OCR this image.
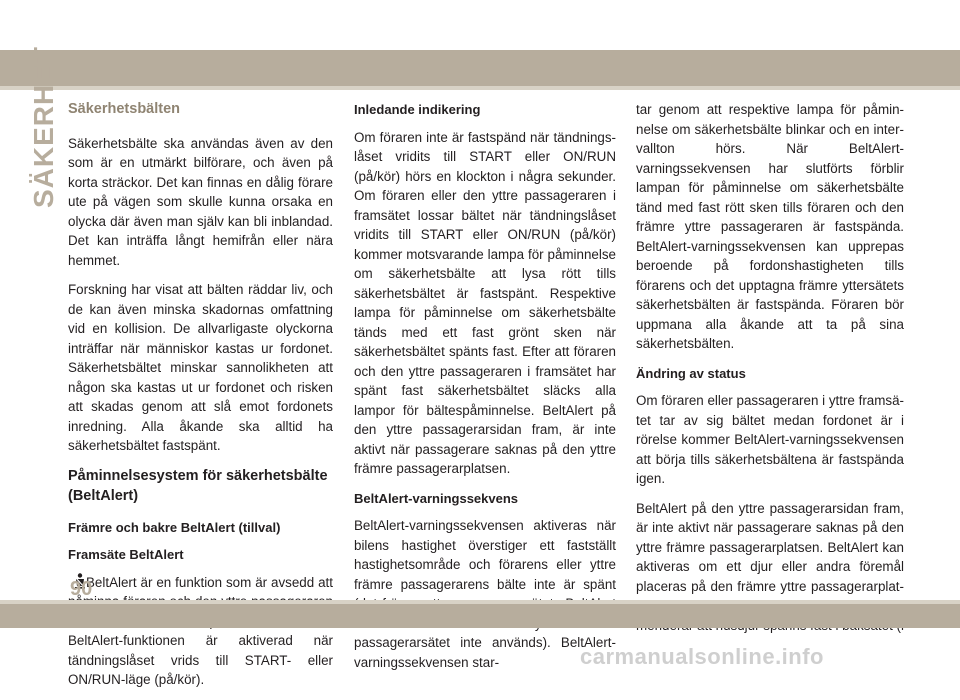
SÄKERHET Säkerhetsbälten

Säkerhetsbälte ska användas även av den som är en utmärkt bilförare, och även på korta sträckor. Det kan finnas en dålig förare ute på vägen som skulle kunna orsaka en olycka där även man själv kan bli inblandad. Det kan inträffa långt hemifrån eller nära hemmet.

Forskning har visat att bälten räddar liv, och de kan även minska skadornas omfattning vid en kollision. De allvarligaste olyckorna inträffar när människor kastas ur fordonet. Säkerhetsbältet minskar sannolikheten att någon ska kastas ut ur fordonet och risken att skadas genom att slå emot fordonets inredning. Alla åkande ska alltid ha säkerhetsbältet fastspänt.

Påminnelsesystem för säkerhetsbälte (BeltAlert)
Främre och bakre BeltAlert (tillval)
Framsäte BeltAlert

BeltAlert är en funktion som är avsedd att BeltAlert-funktionen är aktiverad när tändningslåset vrids till START- eller ON/RUN-läge (på/kör).

Inledande indikering

Om föraren inte är fastspänd när tändningslåset vridits till START eller ON/RUN (på/kör) hörs en klockton i några sekunder. Om föraren eller den yttre passageraren i framsätet lossar bältet när tändningslåset vridits till START eller ON/RUN (på/kör) kommer motsvarande lampa för påminnelse om säkerhetsbälte att lysa rött tills säkerhetsbältet är fastspänt. Respektive lampa för påminnelse om säkerhetsbälte tänds med ett fast grönt sken när säkerhetsbältet spänts fast. Efter att föraren och den yttre passageraren i framsätet har spänt fast säkerhetsbältet släcks alla lampor för bältespåminnelse. BeltAlert på den yttre passagerarsidan fram, är inte aktivt när passagerare saknas på den yttre främre passagerarplatsen.

BeltAlert-varningssekvens

BeltAlert-varningssekvensen aktiveras när bilens hastighet överstiger ett fastställt hastighetsområde och förarens eller yttre främre passagerarens bälte inte är spänt passagerarsätet inte används). BeltAlert-varningssekvensen star-

tar genom att respektive lampa för påminnelse om säkerhetsbälte blinkar och en intervallton hörs. När BeltAlert-varningssekvensen har slutförts förblir lampan för påminnelse om säkerhetsbälte tänd med fast rött sken tills föraren och den främre yttre passageraren är fastspända. BeltAlert-varningssekvensen kan upprepas beroende på fordonshastigheten tills förarens och det upptagna främre yttersätets säkerhetsbälten är fastspända. Föraren bör uppmana alla åkande att ta på sina säkerhetsbälten.

Ändring av status

Om föraren eller passageraren i yttre framsätet tar av sig bältet medan fordonet är i rörelse kommer BeltAlert-varningssekvensen att börja tills säkerhetsbältena är fastspända igen.

BeltAlert på den yttre passagerarsidan fram, är inte aktivt när passagerare saknas på den yttre främre passagerarplatsen. BeltAlert kan aktiveras om ett djur eller andra föremål placeras på den främre yttre passagerarplat

90
carmanualsonline.info
